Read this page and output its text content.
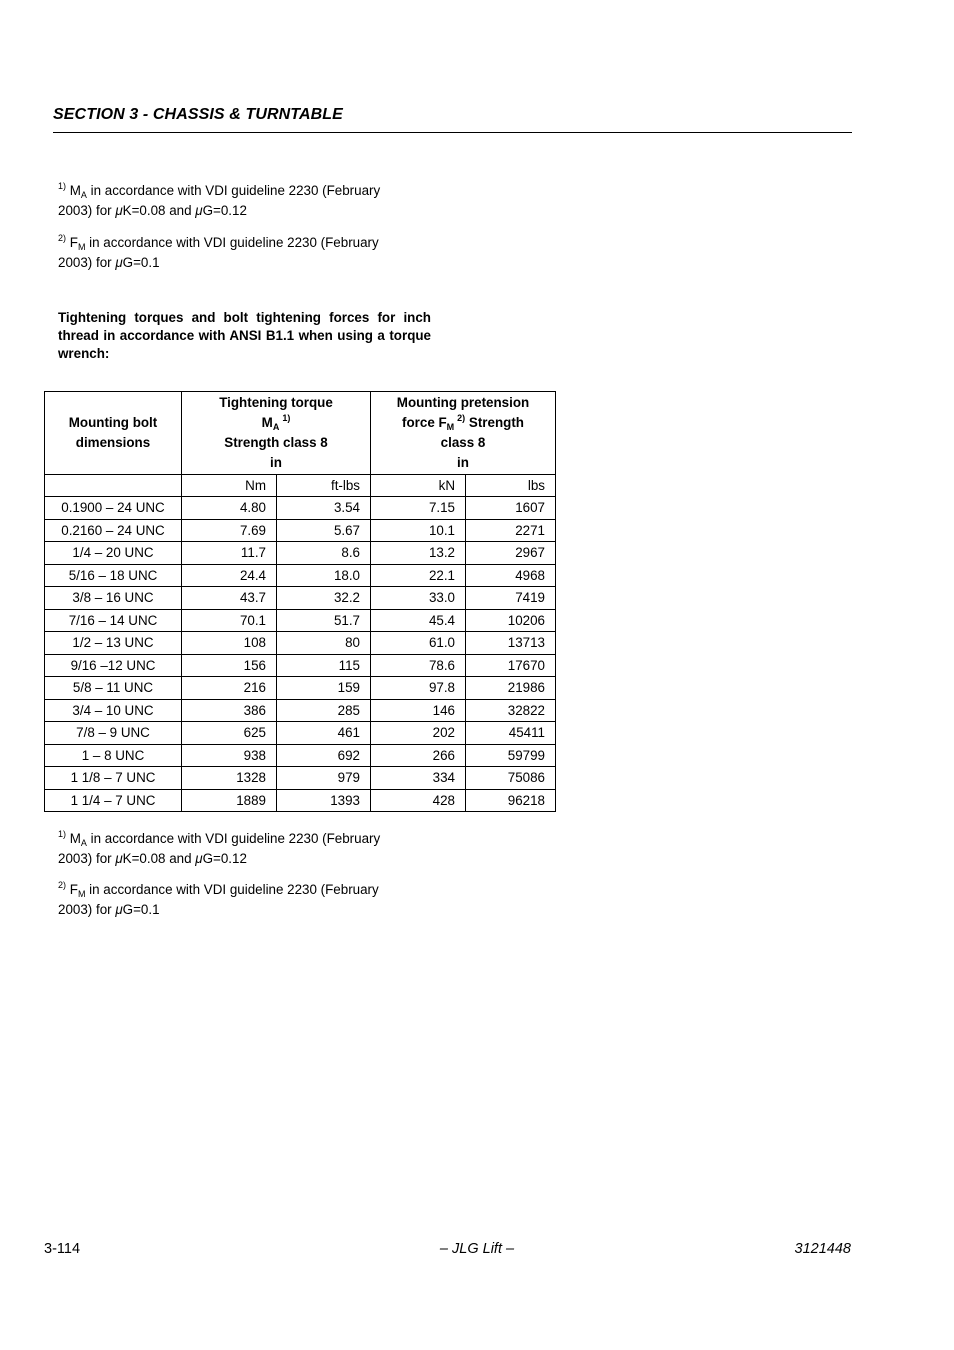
SECTION 3 - CHASSIS & TURNTABLE
$^{1)}$ $M_A$ in accordance with VDI guideline 2230 (February
2003) for μK=0.08 and μG=0.12
$^{2)}$ $F_M$ in accordance with VDI guideline 2230 (February
2003) for μG=0.1
Tightening torques and bolt tightening forces for inch thread in accordance with ANSI B1.1 when using a torque wrench:
Mounting bolt
dimensions	Tightening torque
$M_A^{1)}$
Strength class 8
in		Mounting pretension
force $F_M^{2)}$ Strength
class 8
in	
	Nm	ft-lbs	kN	lbs
0.1900 – 24 UNC	4.80	3.54	7.15	1607
0.2160 – 24 UNC	7.69	5.67	10.1	2271
1/4 – 20 UNC	11.7	8.6	13.2	2967
5/16 – 18 UNC	24.4	18.0	22.1	4968
3/8 – 16 UNC	43.7	32.2	33.0	7419
7/16 – 14 UNC	70.1	51.7	45.4	10206
1/2 – 13 UNC	108	80	61.0	13713
9/16 –12 UNC	156	115	78.6	17670
5/8 – 11 UNC	216	159	97.8	21986
3/4 – 10 UNC	386	285	146	32822
7/8 – 9 UNC	625	461	202	45411
1 – 8 UNC	938	692	266	59799
1 1/8 – 7 UNC	1328	979	334	75086
1 1/4 – 7 UNC	1889	1393	428	96218
$^{1)}$ $M_A$ in accordance with VDI guideline 2230 (February
2003) for μK=0.08 and μG=0.12
$^{2)}$ $F_M$ in accordance with VDI guideline 2230 (February
2003) for μG=0.1
3-114	– JLG Lift –	3121448
